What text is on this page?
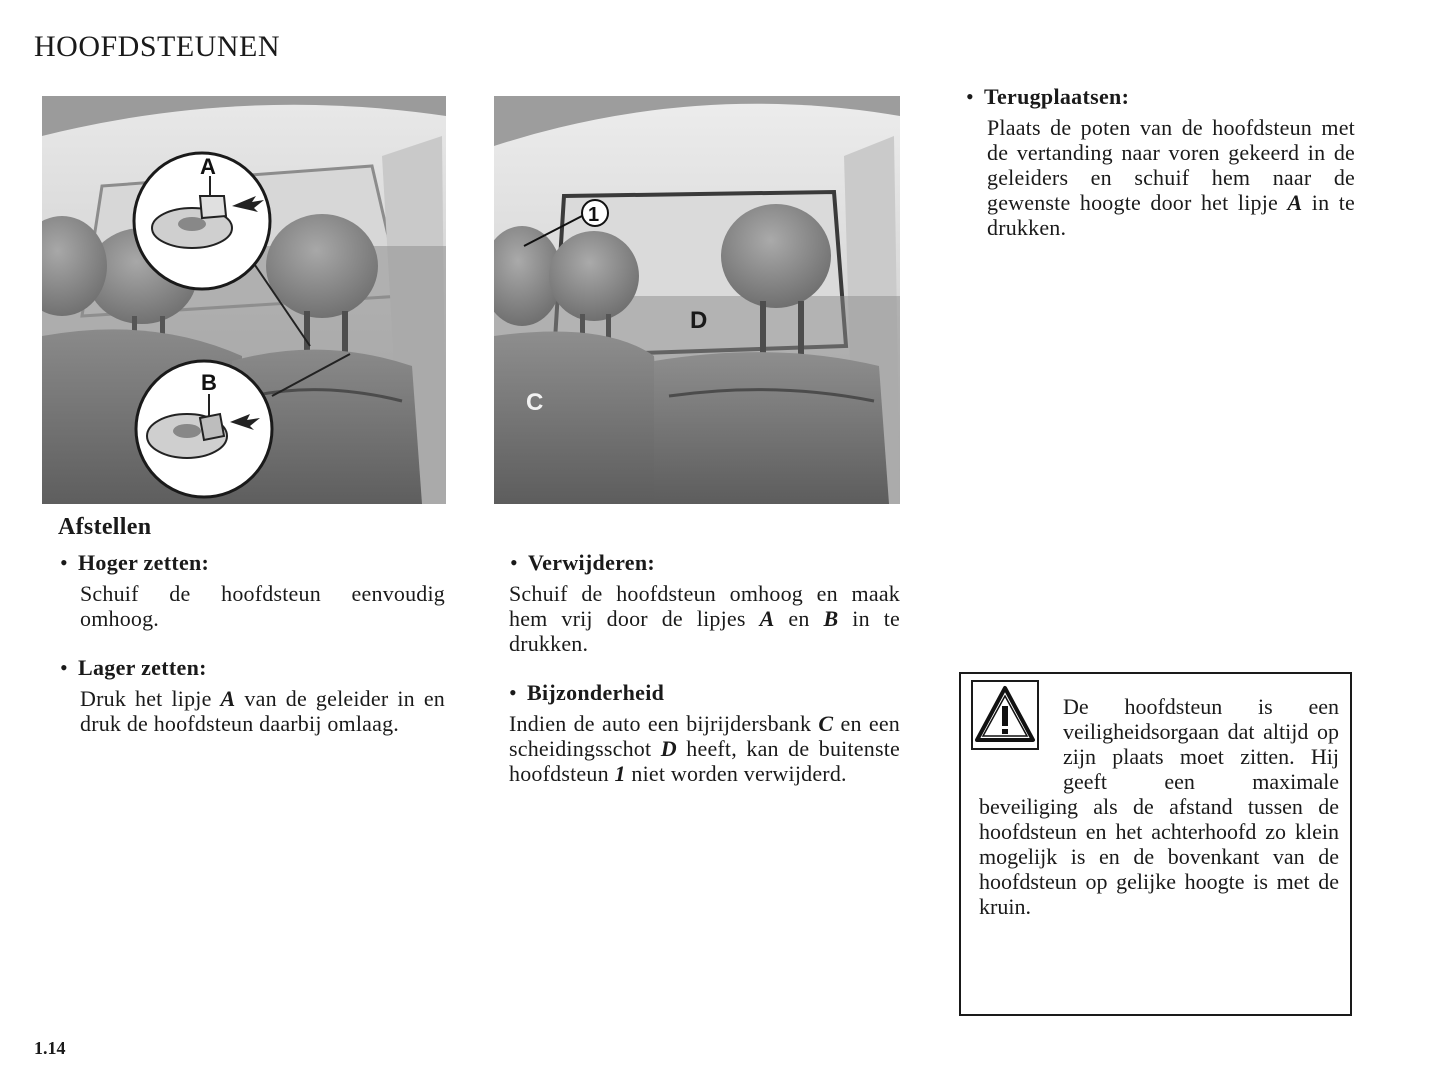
HOOFDSTEUNEN
A
B
1
D
C
Afstellen
• Hoger zetten:

Schuif de hoofdsteun eenvoudig omhoog.

• Lager zetten:

Druk het lipje A van de geleider in en druk de hoofdsteun daarbij omlaag.

• Verwijderen:

Schuif de hoofdsteun omhoog en maak hem vrij door de lipjes A en B in te drukken.

• Bijzonderheid

Indien de auto een bijrijdersbank C en een scheidingsschot D heeft, kan de buitenste hoofdsteun 1 niet worden verwijderd.

• Terugplaatsen:

Plaats de poten van de hoofdsteun met de vertanding naar voren gekeerd in de geleiders en schuif hem naar de gewenste hoogte door het lipje A in te drukken.

De hoofdsteun is een veiligheidsorgaan dat altijd op zijn plaats moet zitten. Hij geeft een maximale beveiliging als de afstand tussen de hoofdsteun en het achterhoofd zo klein mogelijk is en de bovenkant van de hoofdsteun op gelijke hoogte is met de kruin.

1.14
